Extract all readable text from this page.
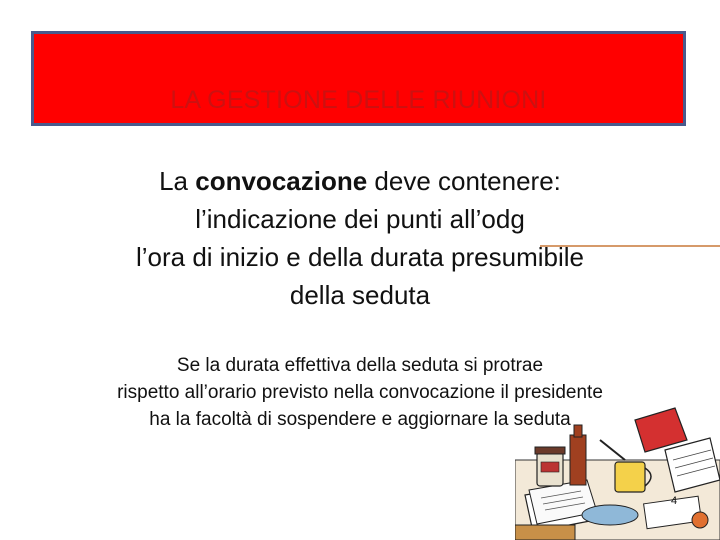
LA GESTIONE DELLE RIUNIONI
La convocazione deve contenere:
l’indicazione dei punti all’odg
l’ora di inizio e della durata presumibile
della seduta
Se la durata effettiva della seduta si protrae
rispetto all’orario previsto nella convocazione il presidente
ha la facoltà di sospendere e aggiornare la seduta
4
